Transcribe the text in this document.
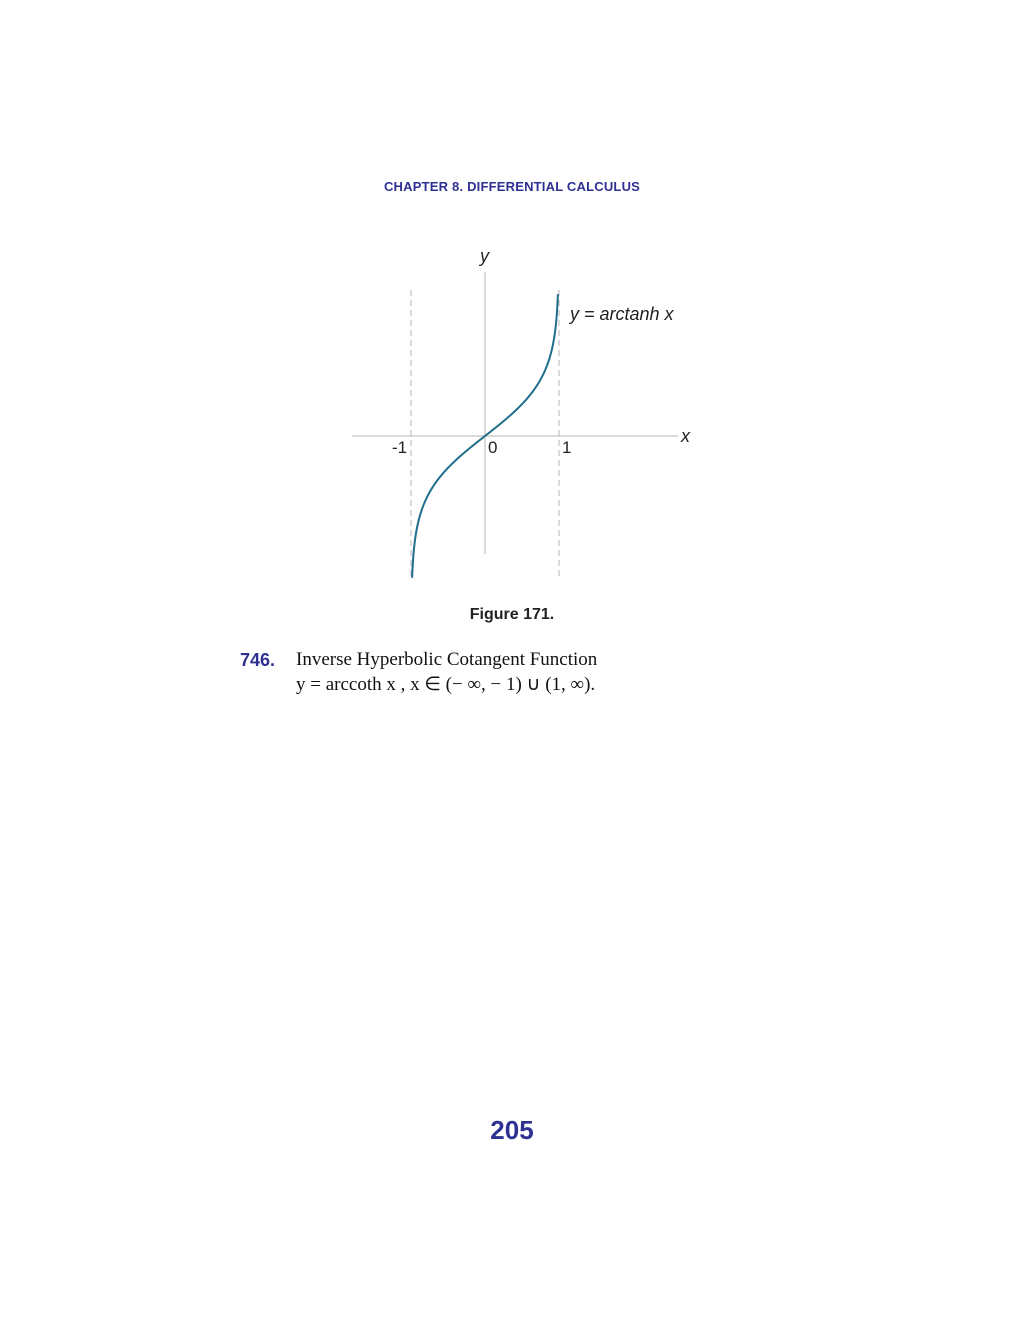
CHAPTER 8. DIFFERENTIAL CALCULUS
y
x
-1	0	1
y = arctanh x
Figure 171.
746. Inverse Hyperbolic Cotangent Function
y = arccoth x , x ∈ (− ∞, − 1) ∪ (1, ∞).
205
